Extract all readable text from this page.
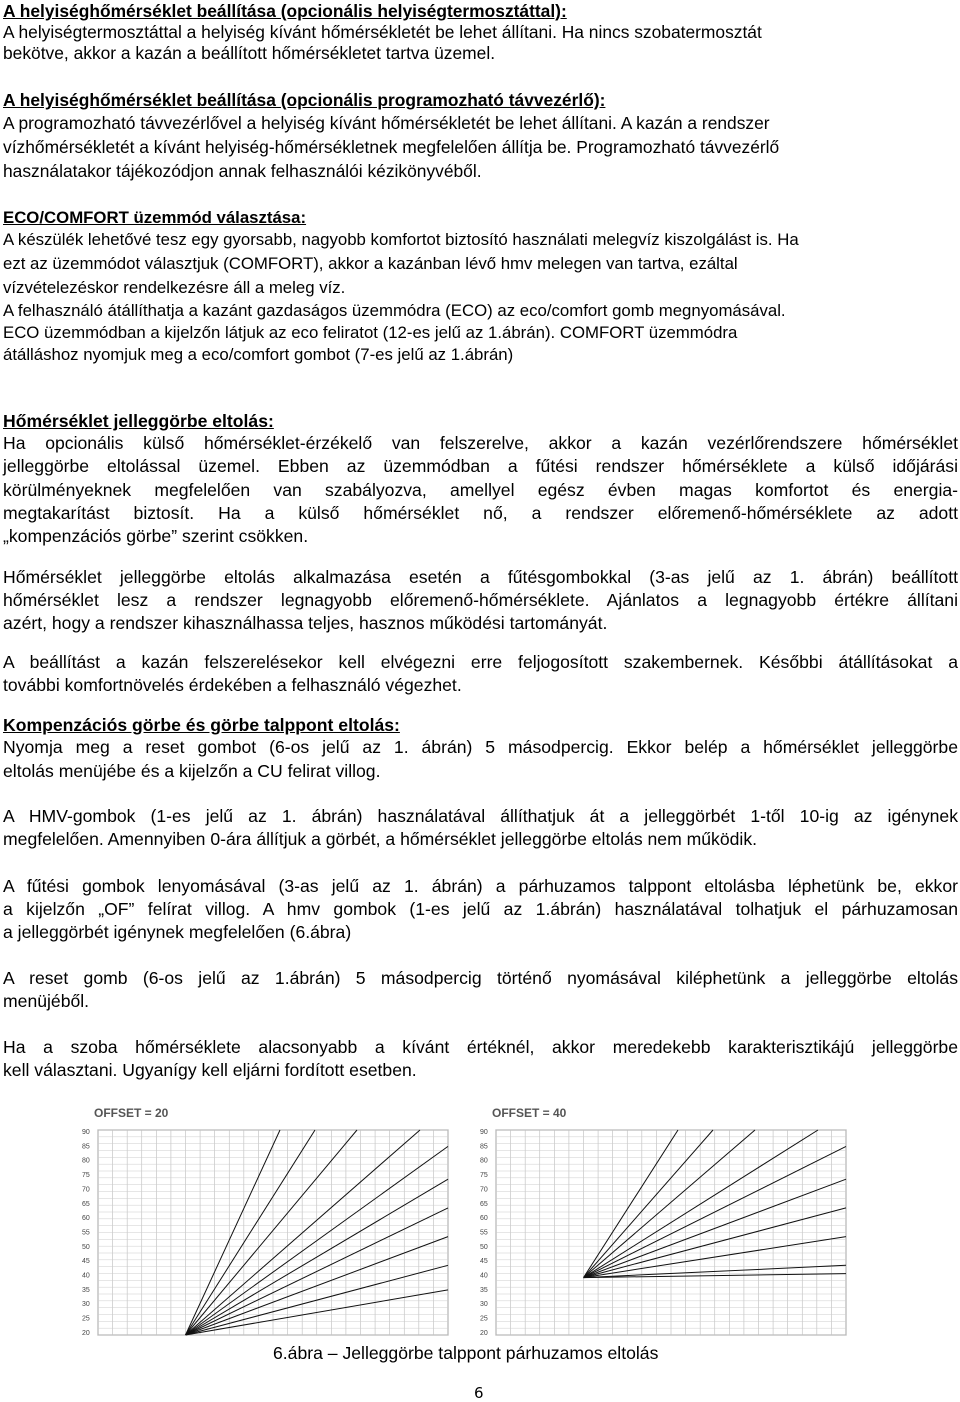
A helyiséghőmérséklet beállítása (opcionális helyiségtermosztáttal):
A helyiségtermosztáttal a helyiség kívánt hőmérsékletét be lehet állítani. Ha nincs szobatermosztát
bekötve, akkor a kazán a beállított hőmérsékletet tartva üzemel.
A helyiséghőmérséklet beállítása (opcionális programozható távvezérlő):
A programozható távvezérlővel a helyiség kívánt hőmérsékletét be lehet állítani. A kazán a rendszer
vízhőmérsékletét a kívánt helyiség-hőmérsékletnek megfelelően állítja be. Programozható távvezérlő
használatakor tájékozódjon annak felhasználói kézikönyvéből.
ECO/COMFORT üzemmód választása:
A készülék lehetővé tesz egy gyorsabb, nagyobb komfortot biztosító használati melegvíz kiszolgálást is. Ha
ezt az üzemmódot választjuk (COMFORT), akkor a kazánban lévő hmv melegen van tartva, ezáltal
vízvételezéskor rendelkezésre áll a meleg víz.
A felhasználó átállíthatja a kazánt gazdaságos üzemmódra (ECO) az eco/comfort gomb megnyomásával.
ECO üzemmódban a kijelzőn látjuk az eco feliratot (12-es jelű az 1.ábrán). COMFORT üzemmódra
átálláshoz nyomjuk meg a eco/comfort gombot (7-es jelű az 1.ábrán)
Hőmérséklet jelleggörbe eltolás:
Ha opcionális külső hőmérséklet-érzékelő van felszerelve, akkor a kazán vezérlőrendszere hőmérséklet
jelleggörbe eltolással üzemel. Ebben az üzemmódban a fűtési rendszer hőmérséklete a külső időjárási
körülményeknek megfelelően van szabályozva, amellyel egész évben magas komfortot és energia-
megtakarítást biztosít. Ha a külső hőmérséklet nő, a rendszer előremenő-hőmérséklete az adott
„kompenzációs görbe” szerint csökken.
Hőmérséklet jelleggörbe eltolás alkalmazása esetén a fűtésgombokkal (3-as jelű az 1. ábrán) beállított
hőmérséklet lesz a rendszer legnagyobb előremenő-hőmérséklete. Ajánlatos a legnagyobb értékre állítani
azért, hogy a rendszer kihasználhassa teljes, hasznos működési tartományát.
A beállítást a kazán felszerelésekor kell elvégezni erre feljogosított szakembernek. Későbbi átállításokat a
további komfortnövelés érdekében a felhasználó végezhet.
Kompenzációs görbe és görbe talppont eltolás:
Nyomja meg a reset gombot (6-os jelű az 1. ábrán) 5 másodpercig. Ekkor belép a hőmérséklet jelleggörbe
eltolás menüjébe és a kijelzőn a CU felirat villog.
A HMV-gombok (1-es jelű az 1. ábrán) használatával állíthatjuk át a jelleggörbét 1-től 10-ig az igénynek
megfelelően. Amennyiben 0-ára állítjuk a görbét, a hőmérséklet jelleggörbe eltolás nem működik.
A fűtési gombok lenyomásával (3-as jelű az 1. ábrán) a párhuzamos talppont eltolásba léphetünk be, ekkor
a kijelzőn „OF” felírat villog. A hmv gombok (1-es jelű az 1.ábrán) használatával tolhatjuk el párhuzamosan
a jelleggörbét igénynek megfelelően (6.ábra)
A reset gomb (6-os jelű az 1.ábrán) 5 másodpercig történő nyomásával kiléphetünk a jelleggörbe eltolás
menüjéből.
Ha a szoba hőmérséklete alacsonyabb a kívánt értéknél, akkor meredekebb karakterisztikájú jelleggörbe
kell választani. Ugyanígy kell eljárni fordított esetben.
OFFSET = 20
90
85
80
75
70
65
60
55
50
45
40
35
30
25
20
OFFSET = 40
90
85
80
75
70
65
60
55
50
45
40
35
30
25
20
6.ábra – Jelleggörbe talppont párhuzamos eltolás
6
